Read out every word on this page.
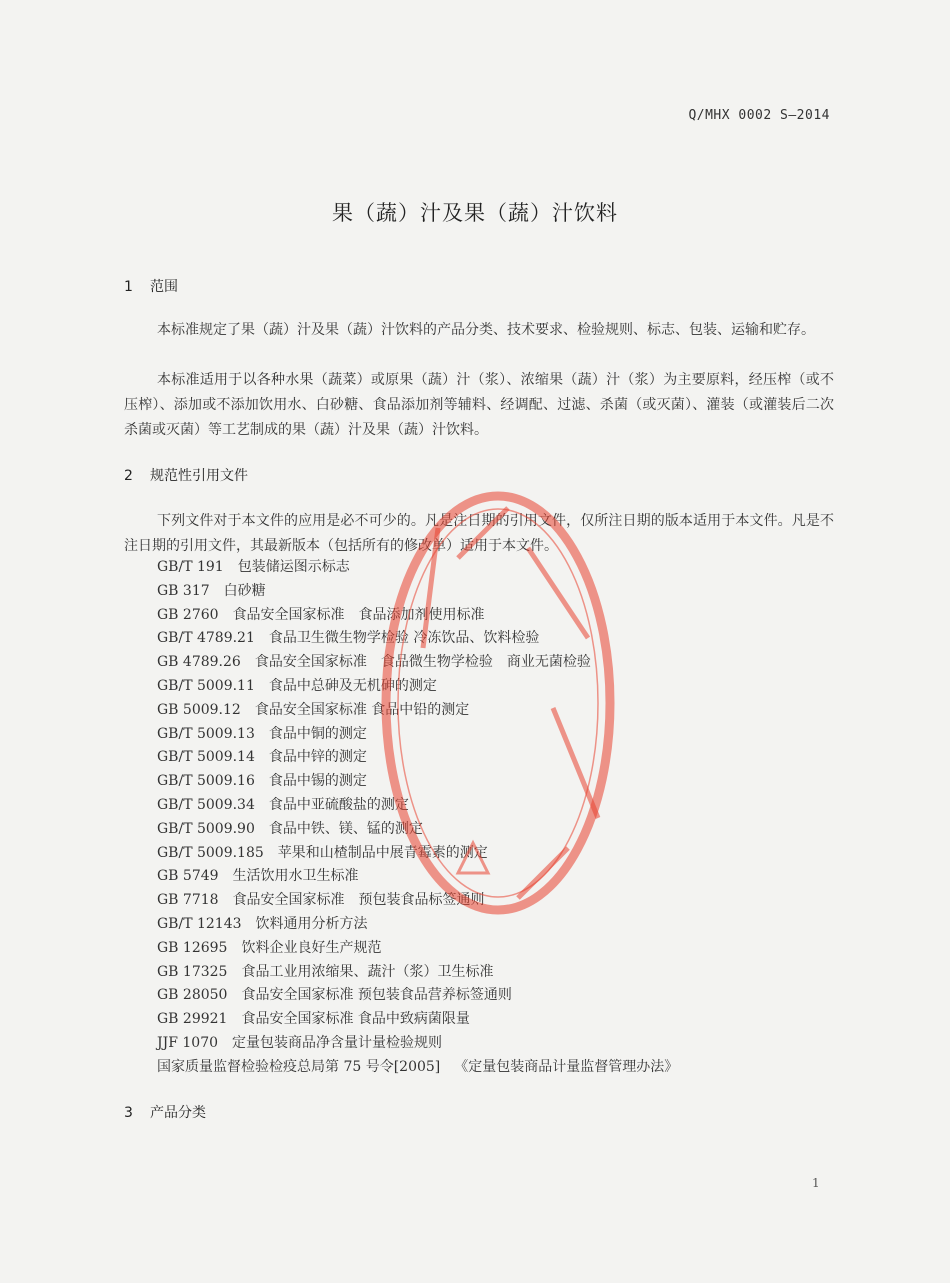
Q/MHX 0002 S—2014
果（蔬）汁及果（蔬）汁饮料
1 范围
本标准规定了果（蔬）汁及果（蔬）汁饮料的产品分类、技术要求、检验规则、标志、包装、运输和贮存。
本标准适用于以各种水果（蔬菜）或原果（蔬）汁（浆）、浓缩果（蔬）汁（浆）为主要原料，经压榨（或不压榨）、添加或不添加饮用水、白砂糖、食品添加剂等辅料、经调配、过滤、杀菌（或灭菌）、灌装（或灌装后二次杀菌或灭菌）等工艺制成的果（蔬）汁及果（蔬）汁饮料。
2 规范性引用文件
下列文件对于本文件的应用是必不可少的。凡是注日期的引用文件，仅所注日期的版本适用于本文件。凡是不注日期的引用文件，其最新版本（包括所有的修改单）适用于本文件。
GB/T 191 包装储运图示标志
GB 317 白砂糖
GB 2760 食品安全国家标准　食品添加剂使用标准
GB/T 4789.21 食品卫生微生物学检验 冷冻饮品、饮料检验
GB 4789.26 食品安全国家标准　食品微生物学检验　商业无菌检验
GB/T 5009.11 食品中总砷及无机砷的测定
GB 5009.12 食品安全国家标准 食品中铅的测定
GB/T 5009.13 食品中铜的测定
GB/T 5009.14 食品中锌的测定
GB/T 5009.16 食品中锡的测定
GB/T 5009.34 食品中亚硫酸盐的测定
GB/T 5009.90 食品中铁、镁、锰的测定
GB/T 5009.185 苹果和山楂制品中展青霉素的测定
GB 5749 生活饮用水卫生标准
GB 7718 食品安全国家标准　预包装食品标签通则
GB/T 12143 饮料通用分析方法
GB 12695 饮料企业良好生产规范
GB 17325 食品工业用浓缩果、蔬汁（浆）卫生标准
GB 28050 食品安全国家标准 预包装食品营养标签通则
GB 29921 食品安全国家标准 食品中致病菌限量
JJF 1070 定量包装商品净含量计量检验规则
国家质量监督检验检疫总局第 75 号令[2005] 《定量包装商品计量监督管理办法》
3 产品分类
1
